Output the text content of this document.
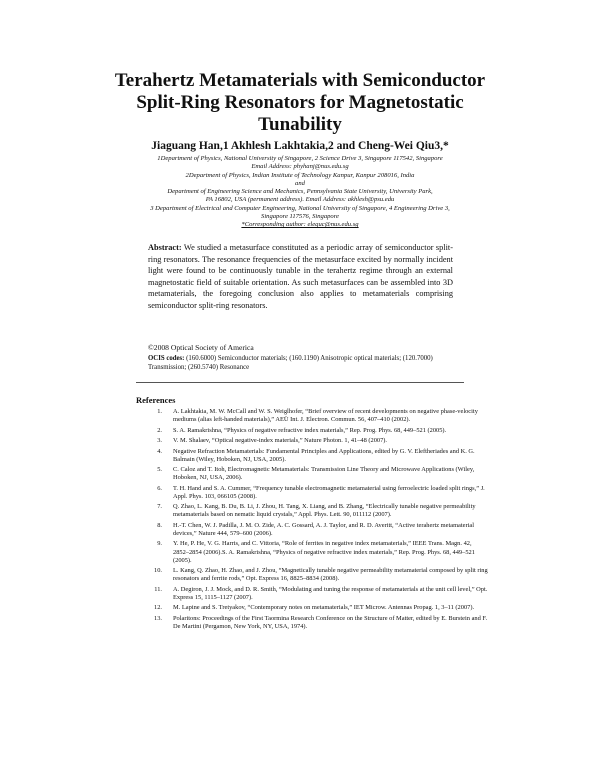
Terahertz Metamaterials with Semiconductor
Split-Ring Resonators for Magnetostatic
Tunability
Jiaguang Han,1 Akhlesh Lakhtakia,2 and Cheng-Wei Qiu3,*
1Department of Physics, National University of Singapore, 2 Science Drive 3, Singapore 117542, Singapore
Email Address: phyhanj@nus.edu.sg
2Department of Physics, Indian Institute of Technology Kanpur, Kanpur 208016, India
and
Department of Engineering Science and Mechanics, Pennsylvania State University, University Park,
PA 16802, USA (permanent address). Email Address: akhlesh@psu.edu
3 Department of Electrical and Computer Engineering, National University of Singapore, 4 Engineering Drive 3,
Singapore 117576, Singapore
*Corresponding author: elequc@nus.edu.sg
Abstract: We studied a metasurface constituted as a periodic array of semiconductor split-ring resonators. The resonance frequencies of the metasurface excited by normally incident light were found to be continuously tunable in the terahertz regime through an external magnetostatic field of suitable orientation. As such metasurfaces can be assembled into 3D metamaterials, the foregoing conclusion also applies to metamaterials comprising semiconductor split-ring resonators.
©2008 Optical Society of America
OCIS codes: (160.6000) Semiconductor materials; (160.1190) Anisotropic optical materials; (120.7000) Transmission; (260.5740) Resonance
References
1. A. Lakhtakia, M. W. McCall and W. S. Weiglhofer, “Brief overview of recent developments on negative phase-velocity mediums (alias left-handed materials),” AEÜ Int. J. Electron. Commun. 56, 407–410 (2002).
2. S. A. Ramakrishna, “Physics of negative refractive index materials,” Rep. Prog. Phys. 68, 449–521 (2005).
3. V. M. Shalaev, “Optical negative-index materials,” Nature Photon. 1, 41–48 (2007).
4. Negative Refraction Metamaterials: Fundamental Principles and Applications, edited by G. V. Eleftheriades and K. G. Balmain (Wiley, Hoboken, NJ, USA, 2005).
5. C. Caloz and T. Itoh, Electromagnetic Metamaterials: Transmission Line Theory and Microwave Applications (Wiley, Hoboken, NJ, USA, 2006).
6. T. H. Hand and S. A. Cummer, “Frequency tunable electromagnetic metamaterial using ferroelectric loaded split rings,” J. Appl. Phys. 103, 066105 (2008).
7. Q. Zhao, L. Kang, B. Du, B. Li, J. Zhou, H. Tang, X. Liang, and B. Zhang, “Electrically tunable negative permeability metamaterials based on nematic liquid crystals,” Appl. Phys. Lett. 90, 011112 (2007).
8. H.-T. Chen, W. J. Padilla, J. M. O. Zide, A. C. Gossard, A. J. Taylor, and R. D. Averitt, “Active terahertz metamaterial devices,” Nature 444, 579–600 (2006).
9. Y. He, P. He, V. G. Harris, and C. Vittoria, “Role of ferrites in negative index metamaterials,” IEEE Trans. Magn. 42, 2852–2854 (2006).S. A. Ramakrishna, “Physics of negative refractive index materials,” Rep. Prog. Phys. 68, 449–521 (2005).
10. L. Kang, Q. Zhao, H. Zhao, and J. Zhou, “Magnetically tunable negative permeability metamaterial composed by split ring resonators and ferrite rods,” Opt. Express 16, 8825–8834 (2008).
11. A. Degiron, J. J. Mock, and D. R. Smith, “Modulating and tuning the response of metamaterials at the unit cell level,” Opt. Express 15, 1115–1127 (2007).
12. M. Lapine and S. Tretyakov, “Contemporary notes on metamaterials,” IET Microw. Antennas Propag. 1, 3–11 (2007).
13. Polaritons: Proceedings of the First Taormina Research Conference on the Structure of Matter, edited by E. Burstein and F. De Martini (Pergamon, New York, NY, USA, 1974).
